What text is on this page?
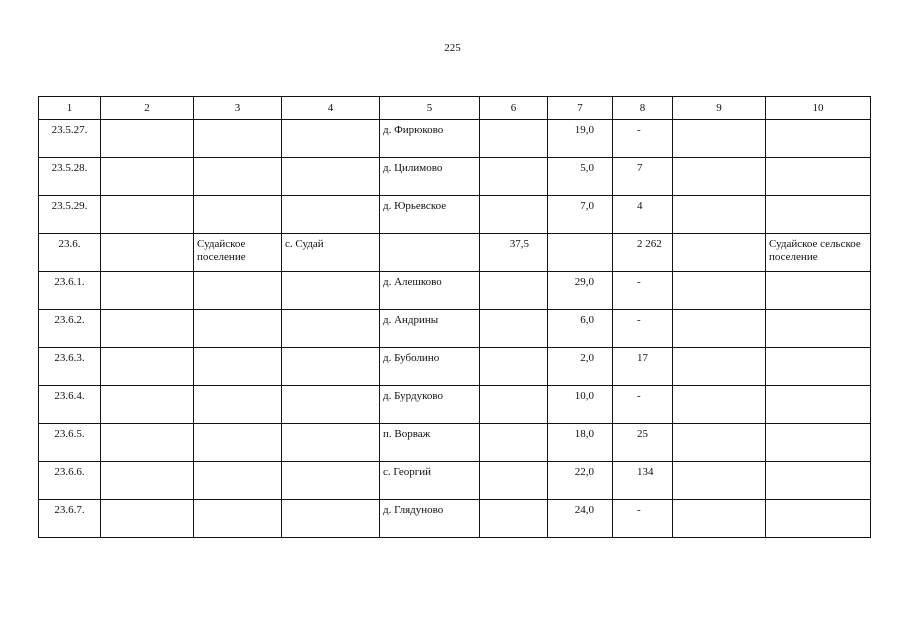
225
1	2	3	4	5	6	7	8	9	10

23.5.27.				д. Фирюково		19,0	-		

23.5.28.				д. Цилимово		5,0	7		

23.5.29.				д. Юрьевское		7,0	4		

23.6.		Судайское поселение	с. Судай		37,5		2 262		Судайское сельское поселение

23.6.1.				д. Алешково		29,0	-		

23.6.2.				д. Андрины		6,0	-		

23.6.3.				д. Буболино		2,0	17		

23.6.4.				д. Бурдуково		10,0	-		

23.6.5.				п. Ворваж		18,0	25		

23.6.6.				с. Георгий		22,0	134		

23.6.7.				д. Глядуново		24,0	-		
